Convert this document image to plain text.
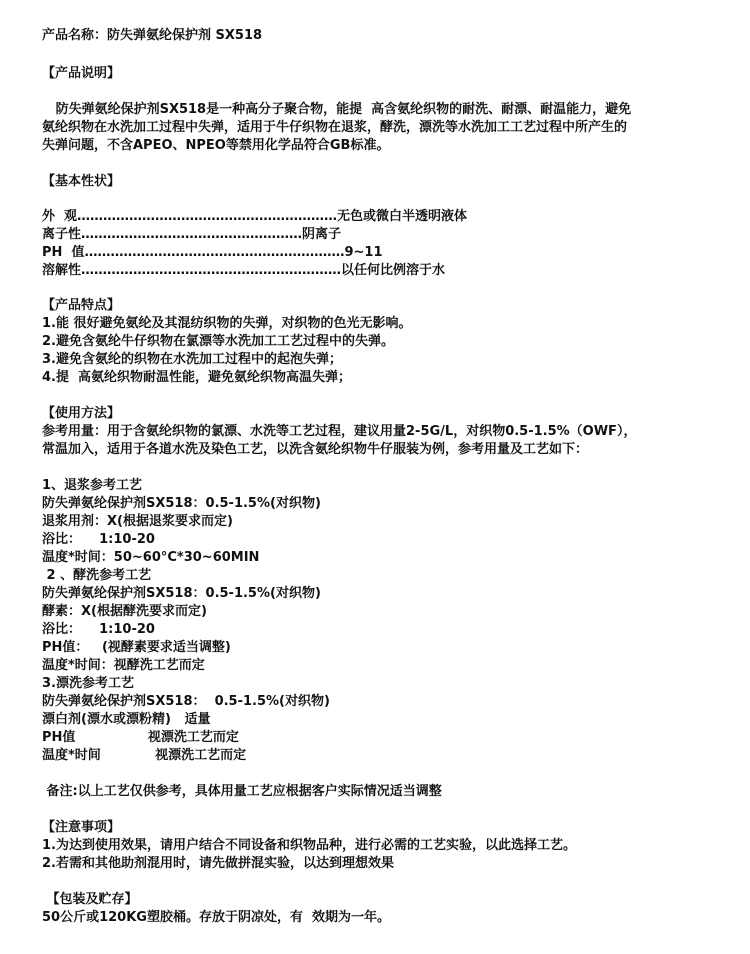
产品名称：防失弹氨纶保护剂 SX518
【产品说明】
防失弹氨纶保护剂SX518是一种高分子聚合物，能提  高含氨纶织物的耐洗、耐漂、耐温能力，避免
氨纶织物在水洗加工过程中失弹，适用于牛仔织物在退浆，酵洗，漂洗等水洗加工工艺过程中所产生的
失弹问题，不含APEO、NPEO等禁用化学品符合GB标准。
【基本性状】
外  观……………………………………………………无色或微白半透明液体
离子性……………………………………………阴离子
PH  值……………………………………………………9~11
溶解性……………………………………………………以任何比例溶于水
【产品特点】
1.能 很好避免氨纶及其混纺织物的失弹，对织物的色光无影响。
2.避免含氨纶牛仔织物在氯漂等水洗加工工艺过程中的失弹。
3.避免含氨纶的织物在水洗加工过程中的起泡失弹；
4.提  高氨纶织物耐温性能，避免氨纶织物高温失弹；
【使用方法】
参考用量：用于含氨纶织物的氯漂、水洗等工艺过程，建议用量2-5G/L，对织物0.5-1.5%（OWF），
常温加入，适用于各道水洗及染色工艺，以洗含氨纶织物牛仔服装为例，参考用量及工艺如下：
1、退浆参考工艺
防失弹氨纶保护剂SX518：0.5-1.5%(对织物)
退浆用剂：X(根据退浆要求而定)
浴比：    1:10-20
温度*时间：50~60°C*30~60MIN
2 、酵洗参考工艺
防失弹氨纶保护剂SX518：0.5-1.5%(对织物)
酵素：X(根据酵洗要求而定)
浴比：    1:10-20
PH值：   (视酵素要求适当调整)
温度*时间：视酵洗工艺而定
3.漂洗参考工艺
防失弹氨纶保护剂SX518：  0.5-1.5%(对织物)
漂白剂(漂水或漂粉精)   适量
PH值                视漂洗工艺而定
温度*时间            视漂洗工艺而定
备注:以上工艺仅供参考，具体用量工艺应根据客户实际情况适当调整
【注意事项】
1.为达到使用效果，请用户结合不同设备和织物品种，进行必需的工艺实验，以此选择工艺。
2.若需和其他助剂混用时，请先做拼混实验，以达到理想效果
【包装及贮存】
50公斤或120KG塑胶桶。存放于阴凉处，有  效期为一年。
